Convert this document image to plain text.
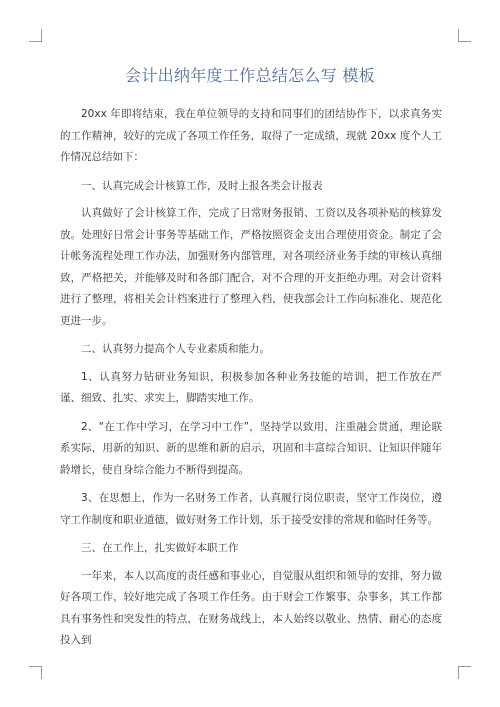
会计出纳年度工作总结怎么写 模板

20xx 年即将结束，我在单位领导的支持和同事们的团结协作下，以求真务实的工作精神，较好的完成了各项工作任务，取得了一定成绩，现就 20xx 度个人工作情况总结如下：

一、认真完成会计核算工作，及时上报各类会计报表

认真做好了会计核算工作，完成了日常财务报销、工资以及各项补贴的核算发放。处理好日常会计事务等基础工作，严格按照资金支出合理使用资金。制定了会计帐务流程处理工作办法，加强财务内部管理，对各项经济业务手续的审核认真细致，严格把关，并能够及时和各部门配合，对不合理的开支拒绝办理。对会计资料进行了整理，将相关会计档案进行了整理入档，使我部会计工作向标准化、规范化更进一步。

二、认真努力提高个人专业素质和能力。

1、认真努力钻研业务知识，积极参加各种业务技能的培训，把工作放在严谨、细致、扎实、求实上，脚踏实地工作。

2、“在工作中学习，在学习中工作”，坚持学以致用，注重融会贯通，理论联系实际，用新的知识、新的思维和新的启示，巩固和丰富综合知识、让知识伴随年龄增长，使自身综合能力不断得到提高。

3、在思想上，作为一名财务工作者，认真履行岗位职责，坚守工作岗位，遵守工作制度和职业道德，做好财务工作计划，乐于接受安排的常规和临时任务等。

三、在工作上，扎实做好本职工作

一年来，本人以高度的责任感和事业心，自觉服从组织和领导的安排，努力做好各项工作，较好地完成了各项工作任务。由于财会工作繁事、杂事多，其工作都具有事务性和突发性的特点，在财务战线上，本人始终以敬业、热情、耐心的态度投入到
